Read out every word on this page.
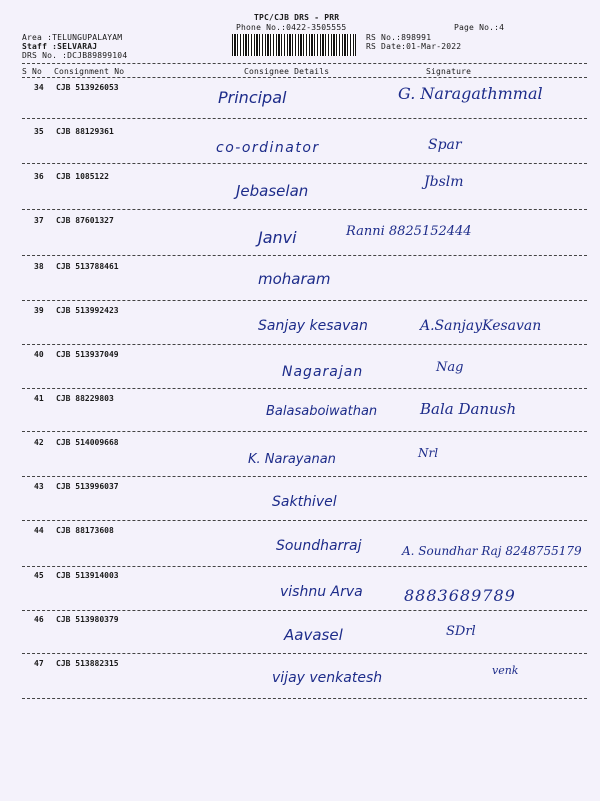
TPC/CJB DRS - PRR
Phone No.:0422-3505555	Page No.:4
Area :TELUNGUPALAYAM
Staff :SELVARAJ
DRS No. :DCJB89899104
RS No.:898991
RS Date:01-Mar-2022
S No Consignment No	Consignee Details	Signature
34 CJB 513926053
Principal	G. Naragathmmal
35 CJB 88129361
co-ordinator	Spar
36 CJB 1085122
Jebaselan	Jbslm
37 CJB 87601327
Janvi	Ranni 8825152444
38 CJB 513788461
moharam
39 CJB 513992423
Sanjay kesavan	A.SanjayKesavan
40 CJB 513937049
Nagarajan	Nag
41 CJB 88229803
Balasaboiwathan	Bala Danush
42 CJB 514009668
K. Narayanan	Nrl
43 CJB 513996037
Sakthivel
44 CJB 88173608
Soundharraj	A. Soundhar Raj 8248755179
45 CJB 513914003
vishnu Arva	8883689789
46 CJB 513980379
Aavasel	SDrl
47 CJB 513882315
vijay venkatesh	venk
